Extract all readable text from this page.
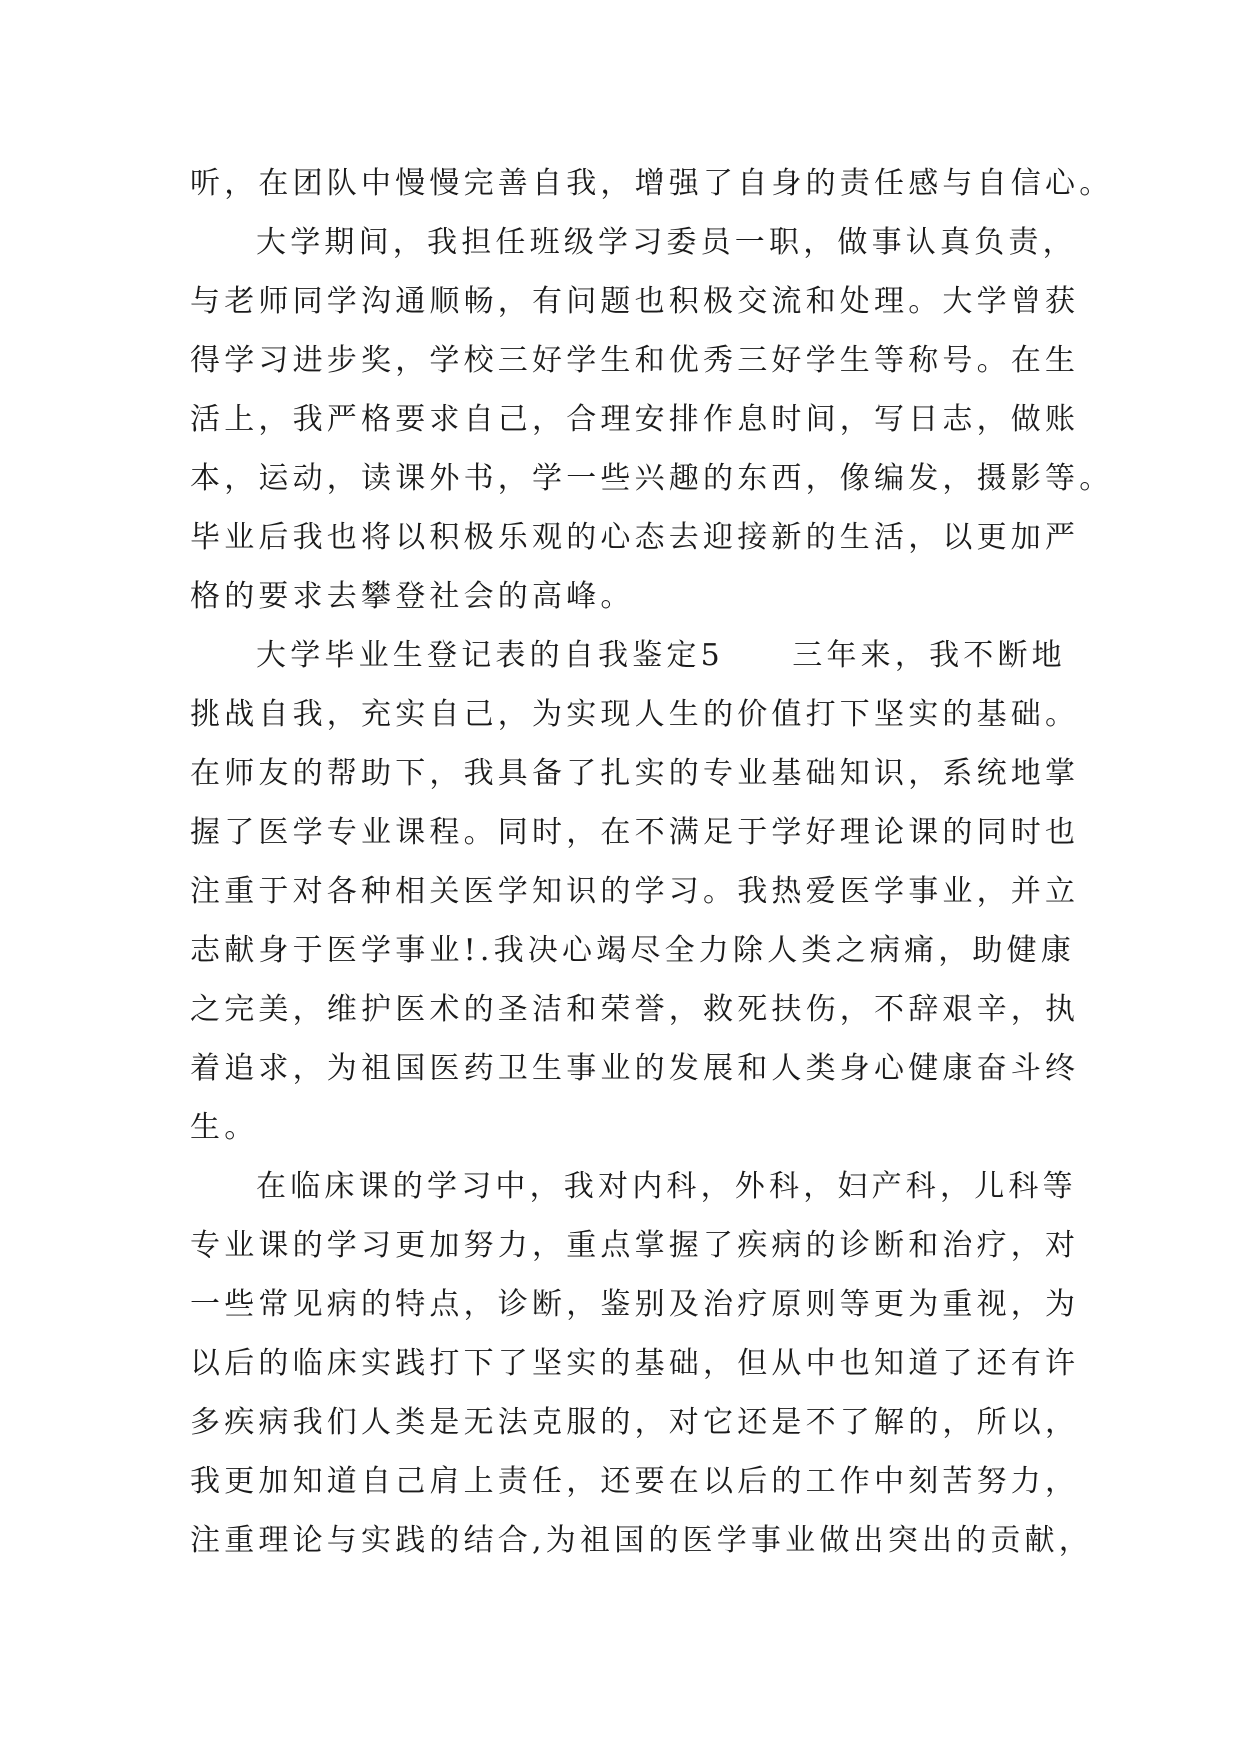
听，在团队中慢慢完善自我，增强了自身的责任感与自信心。
大学期间，我担任班级学习委员一职，做事认真负责，
与老师同学沟通顺畅，有问题也积极交流和处理。大学曾获
得学习进步奖，学校三好学生和优秀三好学生等称号。在生
活上，我严格要求自己，合理安排作息时间，写日志，做账
本，运动，读课外书，学一些兴趣的东西，像编发，摄影等。
毕业后我也将以积极乐观的心态去迎接新的生活，以更加严
格的要求去攀登社会的高峰。
大学毕业生登记表的自我鉴定5　　三年来，我不断地
挑战自我，充实自己，为实现人生的价值打下坚实的基础。
在师友的帮助下，我具备了扎实的专业基础知识，系统地掌
握了医学专业课程。同时，在不满足于学好理论课的同时也
注重于对各种相关医学知识的学习。我热爱医学事业，并立
志献身于医学事业!.我决心竭尽全力除人类之病痛，助健康
之完美，维护医术的圣洁和荣誉，救死扶伤，不辞艰辛，执
着追求，为祖国医药卫生事业的发展和人类身心健康奋斗终
生。
在临床课的学习中，我对内科，外科，妇产科，儿科等
专业课的学习更加努力，重点掌握了疾病的诊断和治疗，对
一些常见病的特点，诊断，鉴别及治疗原则等更为重视，为
以后的临床实践打下了坚实的基础，但从中也知道了还有许
多疾病我们人类是无法克服的，对它还是不了解的，所以，
我更加知道自己肩上责任，还要在以后的工作中刻苦努力，
注重理论与实践的结合,为祖国的医学事业做出突出的贡献，
